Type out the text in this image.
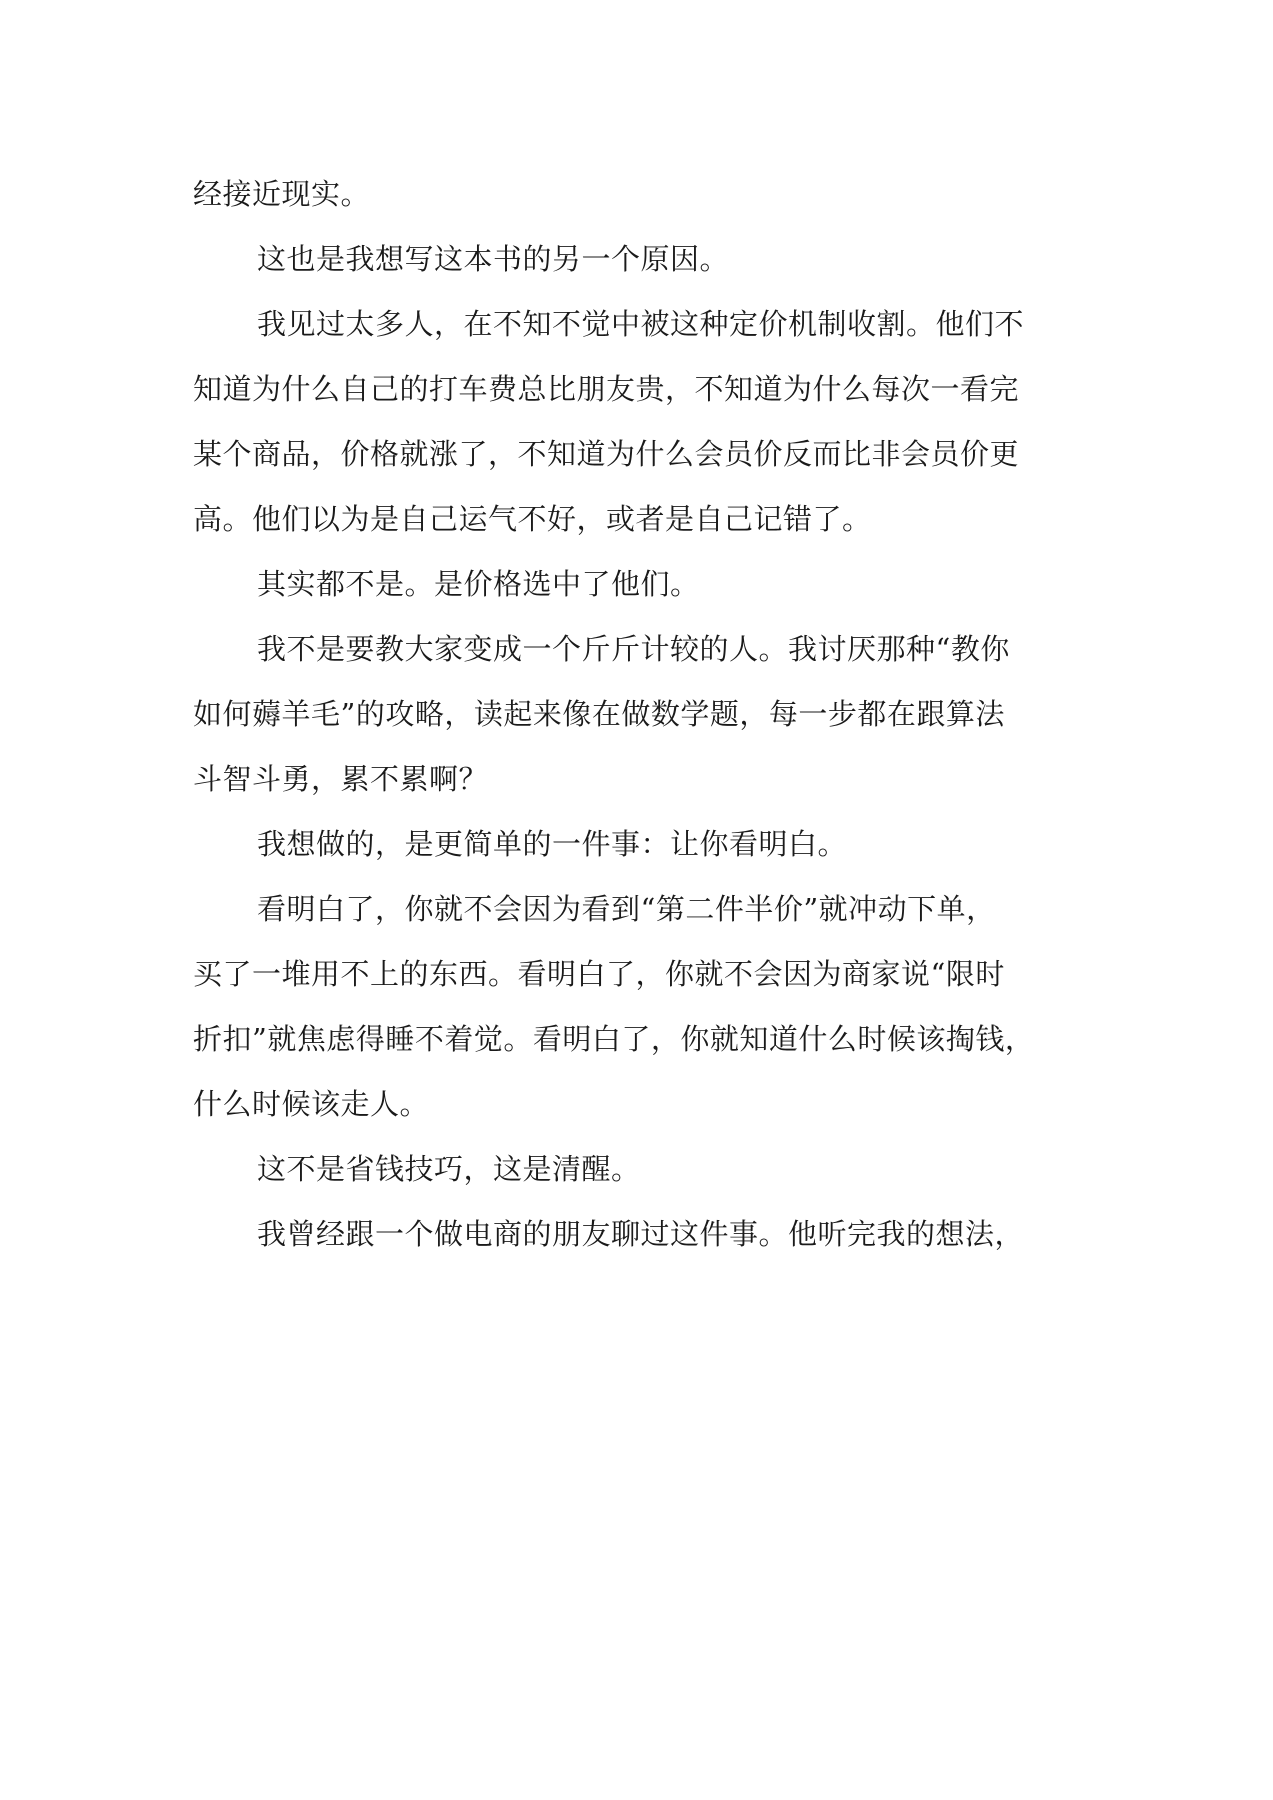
经接近现实。
这也是我想写这本书的另一个原因。
我见过太多人，在不知不觉中被这种定价机制收割。他们不
知道为什么自己的打车费总比朋友贵，不知道为什么每次一看完
某个商品，价格就涨了，不知道为什么会员价反而比非会员价更
高。他们以为是自己运气不好，或者是自己记错了。
其实都不是。是价格选中了他们。
我不是要教大家变成一个斤斤计较的人。我讨厌那种“教你
如何薅羊毛”的攻略，读起来像在做数学题，每一步都在跟算法
斗智斗勇，累不累啊？
我想做的，是更简单的一件事：让你看明白。
看明白了，你就不会因为看到“第二件半价”就冲动下单，
买了一堆用不上的东西。看明白了，你就不会因为商家说“限时
折扣”就焦虑得睡不着觉。看明白了，你就知道什么时候该掏钱，
什么时候该走人。
这不是省钱技巧，这是清醒。
我曾经跟一个做电商的朋友聊过这件事。他听完我的想法，
